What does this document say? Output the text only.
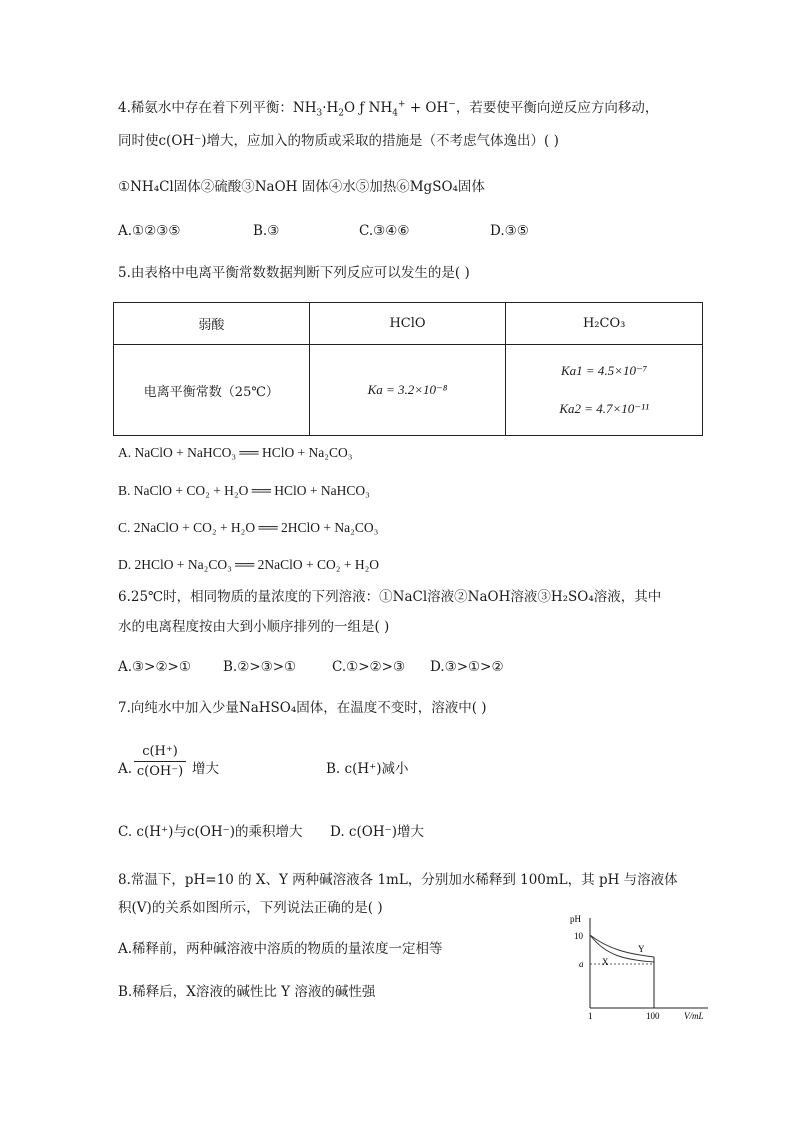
4.稀氨水中存在着下列平衡：$NH_3\cdot H_2O$ ƒ $NH_4^+ + OH^-$，若要使平衡向逆反应方向移动，
同时使c(OH⁻)增大，应加入的物质或采取的措施是（不考虑气体逸出）( )
①NH₄Cl固体②硫酸③NaOH 固体④水⑤加热⑥MgSO₄固体
A.①②③⑤	B.③	C.③④⑥	D.③⑤
5.由表格中电离平衡常数数据判断下列反应可以发生的是( )
弱酸	HClO	H₂CO₃
电离平衡常数（25℃）	Ka = 3.2×10⁻⁸	Ka1 = 4.5×10⁻⁷
Ka2 = 4.7×10⁻¹¹
A. NaClO + NaHCO₃ ══ HClO + Na₂CO₃
B. NaClO + CO₂ + H₂O ══ HClO + NaHCO₃
C. 2NaClO + CO₂ + H₂O ══ 2HClO + Na₂CO₃
D. 2HClO + Na₂CO₃ ══ 2NaClO + CO₂ + H₂O
6.25℃时，相同物质的量浓度的下列溶液：①NaCl溶液②NaOH溶液③H₂SO₄溶液，其中
水的电离程度按由大到小顺序排列的一组是( )
A.③>②>① B.②>③>①	C.①>②>③ D.③>①>②
7.向纯水中加入少量NaHSO₄固体，在温度不变时，溶液中( )
A. $\frac{c(H^+)}{c(OH^-)}$ 增大	B. c(H⁺)减小
C. c(H⁺)与c(OH⁻)的乘积增大 D. c(OH⁻)增大
8.常温下，pH=10 的 X、Y 两种碱溶液各 1mL，分别加水稀释到 100mL，其 pH 与溶液体
积(V)的关系如图所示，下列说法正确的是( )
A.稀释前，两种碱溶液中溶质的物质的量浓度一定相等
B.稀释后，X溶液的碱性比 Y 溶液的碱性强
pH
10
a
1	100	V/mL
X
Y
